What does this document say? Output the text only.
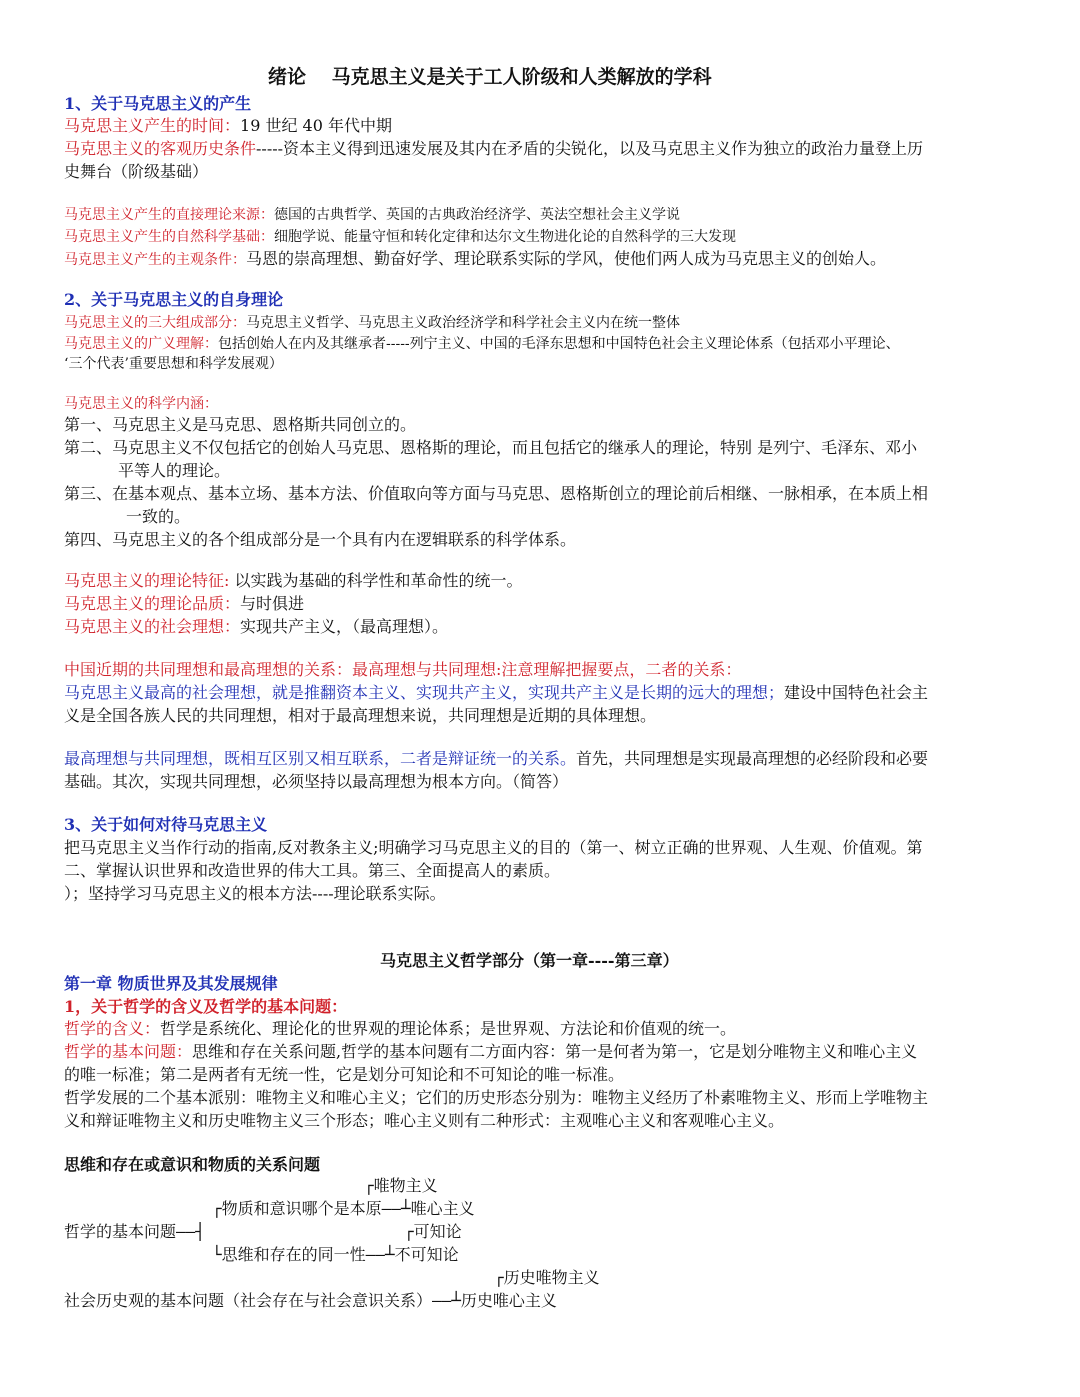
绪论　 马克思主义是关于工人阶级和人类解放的学科
1、关于马克思主义的产生
马克思主义产生的时间：19 世纪 40 年代中期
马克思主义的客观历史条件-----资本主义得到迅速发展及其内在矛盾的尖锐化，以及马克思主义作为独立的政治力量登上历
史舞台（阶级基础）
马克思主义产生的直接理论来源：德国的古典哲学、英国的古典政治经济学、英法空想社会主义学说
马克思主义产生的自然科学基础：细胞学说、能量守恒和转化定律和达尔文生物进化论的自然科学的三大发现
马克思主义产生的主观条件：马恩的崇高理想、勤奋好学、理论联系实际的学风，使他们两人成为马克思主义的创始人。
2、关于马克思主义的自身理论
马克思主义的三大组成部分：马克思主义哲学、马克思主义政治经济学和科学社会主义内在统一整体
马克思主义的广义理解：包括创始人在内及其继承者-----列宁主义、中国的毛泽东思想和中国特色社会主义理论体系（包括邓小平理论、
‘三个代表’重要思想和科学发展观）
马克思主义的科学内涵：
第一、马克思主义是马克思、恩格斯共同创立的。
第二、马克思主义不仅包括它的创始人马克思、恩格斯的理论，而且包括它的继承人的理论，特别 是列宁、毛泽东、邓小
平等人的理论。
第三、在基本观点、基本立场、基本方法、价值取向等方面与马克思、恩格斯创立的理论前后相继、一脉相承，在本质上相
一致的。
第四、马克思主义的各个组成部分是一个具有内在逻辑联系的科学体系。
马克思主义的理论特征: 以实践为基础的科学性和革命性的统一。
马克思主义的理论品质：与时俱进
马克思主义的社会理想：实现共产主义，（最高理想）。
中国近期的共同理想和最高理想的关系：最高理想与共同理想:注意理解把握要点，二者的关系：
马克思主义最高的社会理想，就是推翻资本主义、实现共产主义，实现共产主义是长期的远大的理想；建设中国特色社会主
义是全国各族人民的共同理想，相对于最高理想来说，共同理想是近期的具体理想。
最高理想与共同理想，既相互区别又相互联系，二者是辩证统一的关系。首先，共同理想是实现最高理想的必经阶段和必要
基础。其次，实现共同理想，必须坚持以最高理想为根本方向。（简答）
3、关于如何对待马克思主义
把马克思主义当作行动的指南,反对教条主义;明确学习马克思主义的目的（第一、树立正确的世界观、人生观、价值观。第
二、掌握认识世界和改造世界的伟大工具。第三、全面提高人的素质。
）；坚持学习马克思主义的根本方法----理论联系实际。
马克思主义哲学部分（第一章----第三章）
第一章 物质世界及其发展规律
1，关于哲学的含义及哲学的基本问题：
哲学的含义：哲学是系统化、理论化的世界观的理论体系；是世界观、方法论和价值观的统一。
哲学的基本问题：思维和存在关系问题,哲学的基本问题有二方面内容：第一是何者为第一，它是划分唯物主义和唯心主义
的唯一标准；第二是两者有无统一性，它是划分可知论和不可知论的唯一标准。
哲学发展的二个基本派别：唯物主义和唯心主义；它们的历史形态分别为：唯物主义经历了朴素唯物主义、形而上学唯物主
义和辩证唯物主义和历史唯物主义三个形态；唯心主义则有二种形式：主观唯心主义和客观唯心主义。
思维和存在或意识和物质的关系问题
┌唯物主义
┌物质和意识哪个是本原——┴唯心主义
哲学的基本问题——┤	┌可知论
└思维和存在的同一性——┴不可知论
┌历史唯物主义
社会历史观的基本问题（社会存在与社会意识关系）——┴历史唯心主义
